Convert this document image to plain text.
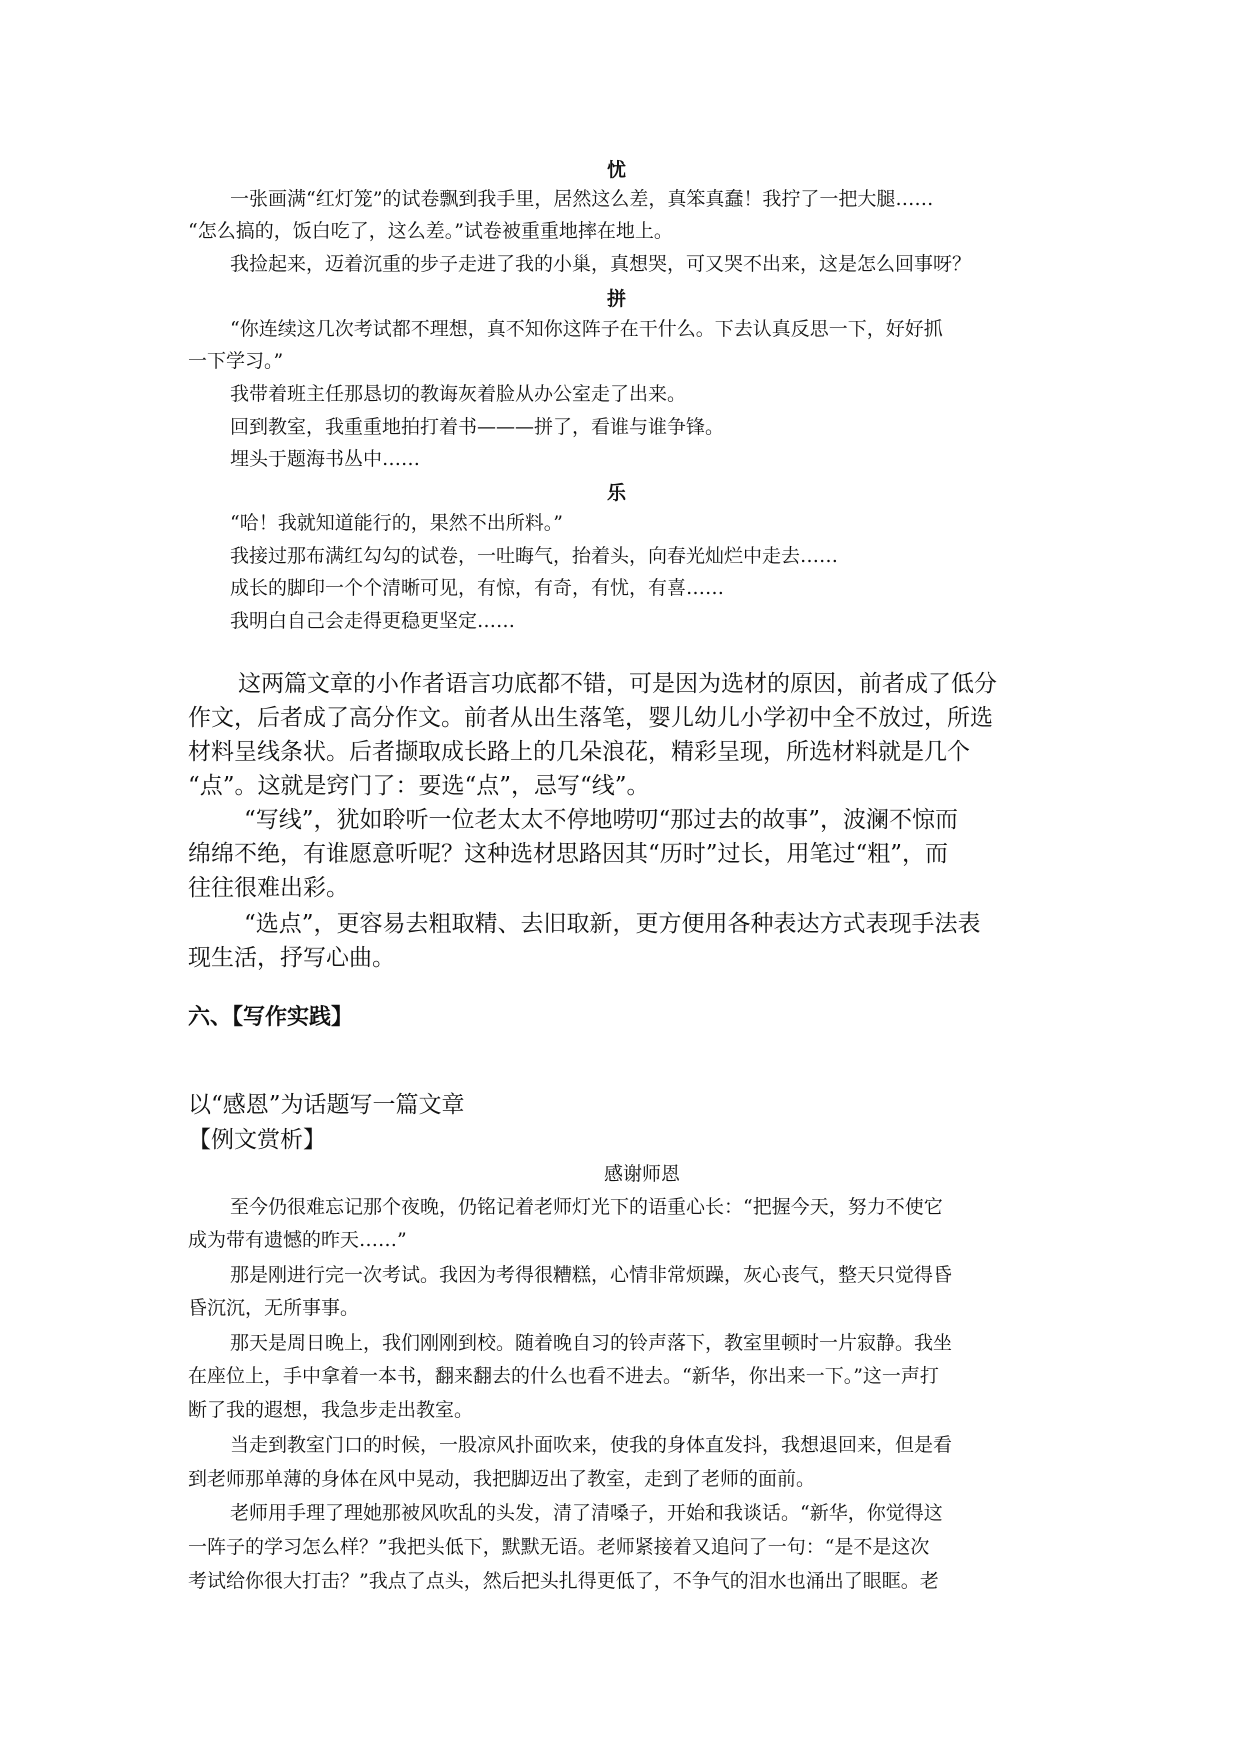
忧
一张画满“红灯笼”的试卷飘到我手里，居然这么差，真笨真蠢！我拧了一把大腿……
“怎么搞的，饭白吃了，这么差。”试卷被重重地摔在地上。
我捡起来，迈着沉重的步子走进了我的小巢，真想哭，可又哭不出来，这是怎么回事呀？
拼
“你连续这几次考试都不理想，真不知你这阵子在干什么。下去认真反思一下，好好抓
一下学习。”
我带着班主任那恳切的教诲灰着脸从办公室走了出来。
回到教室，我重重地拍打着书———拼了，看谁与谁争锋。
埋头于题海书丛中……
乐
“哈！我就知道能行的，果然不出所料。”
我接过那布满红勾勾的试卷，一吐晦气，抬着头，向春光灿烂中走去……
成长的脚印一个个清晰可见，有惊，有奇，有忧，有喜……
我明白自己会走得更稳更坚定……
这两篇文章的小作者语言功底都不错，可是因为选材的原因，前者成了低分
作文，后者成了高分作文。前者从出生落笔，婴儿幼儿小学初中全不放过，所选
材料呈线条状。后者撷取成长路上的几朵浪花，精彩呈现，所选材料就是几个
“点”。这就是窍门了：要选“点”，忌写“线”。
“写线”，犹如聆听一位老太太不停地唠叨“那过去的故事”，波澜不惊而
绵绵不绝，有谁愿意听呢？这种选材思路因其“历时”过长，用笔过“粗”，而
往往很难出彩。
“选点”，更容易去粗取精、去旧取新，更方便用各种表达方式表现手法表
现生活，抒写心曲。
六、【写作实践】
以“感恩”为话题写一篇文章
【例文赏析】
感谢师恩
至今仍很难忘记那个夜晚，仍铭记着老师灯光下的语重心长：“把握今天，努力不使它
成为带有遗憾的昨天……”
那是刚进行完一次考试。我因为考得很糟糕，心情非常烦躁，灰心丧气，整天只觉得昏
昏沉沉，无所事事。
那天是周日晚上，我们刚刚到校。随着晚自习的铃声落下，教室里顿时一片寂静。我坐
在座位上，手中拿着一本书，翻来翻去的什么也看不进去。“新华，你出来一下。”这一声打
断了我的遐想，我急步走出教室。
当走到教室门口的时候，一股凉风扑面吹来，使我的身体直发抖，我想退回来，但是看
到老师那单薄的身体在风中晃动，我把脚迈出了教室，走到了老师的面前。
老师用手理了理她那被风吹乱的头发，清了清嗓子，开始和我谈话。“新华，你觉得这
一阵子的学习怎么样？”我把头低下，默默无语。老师紧接着又追问了一句：“是不是这次
考试给你很大打击？”我点了点头，然后把头扎得更低了，不争气的泪水也涌出了眼眶。老
